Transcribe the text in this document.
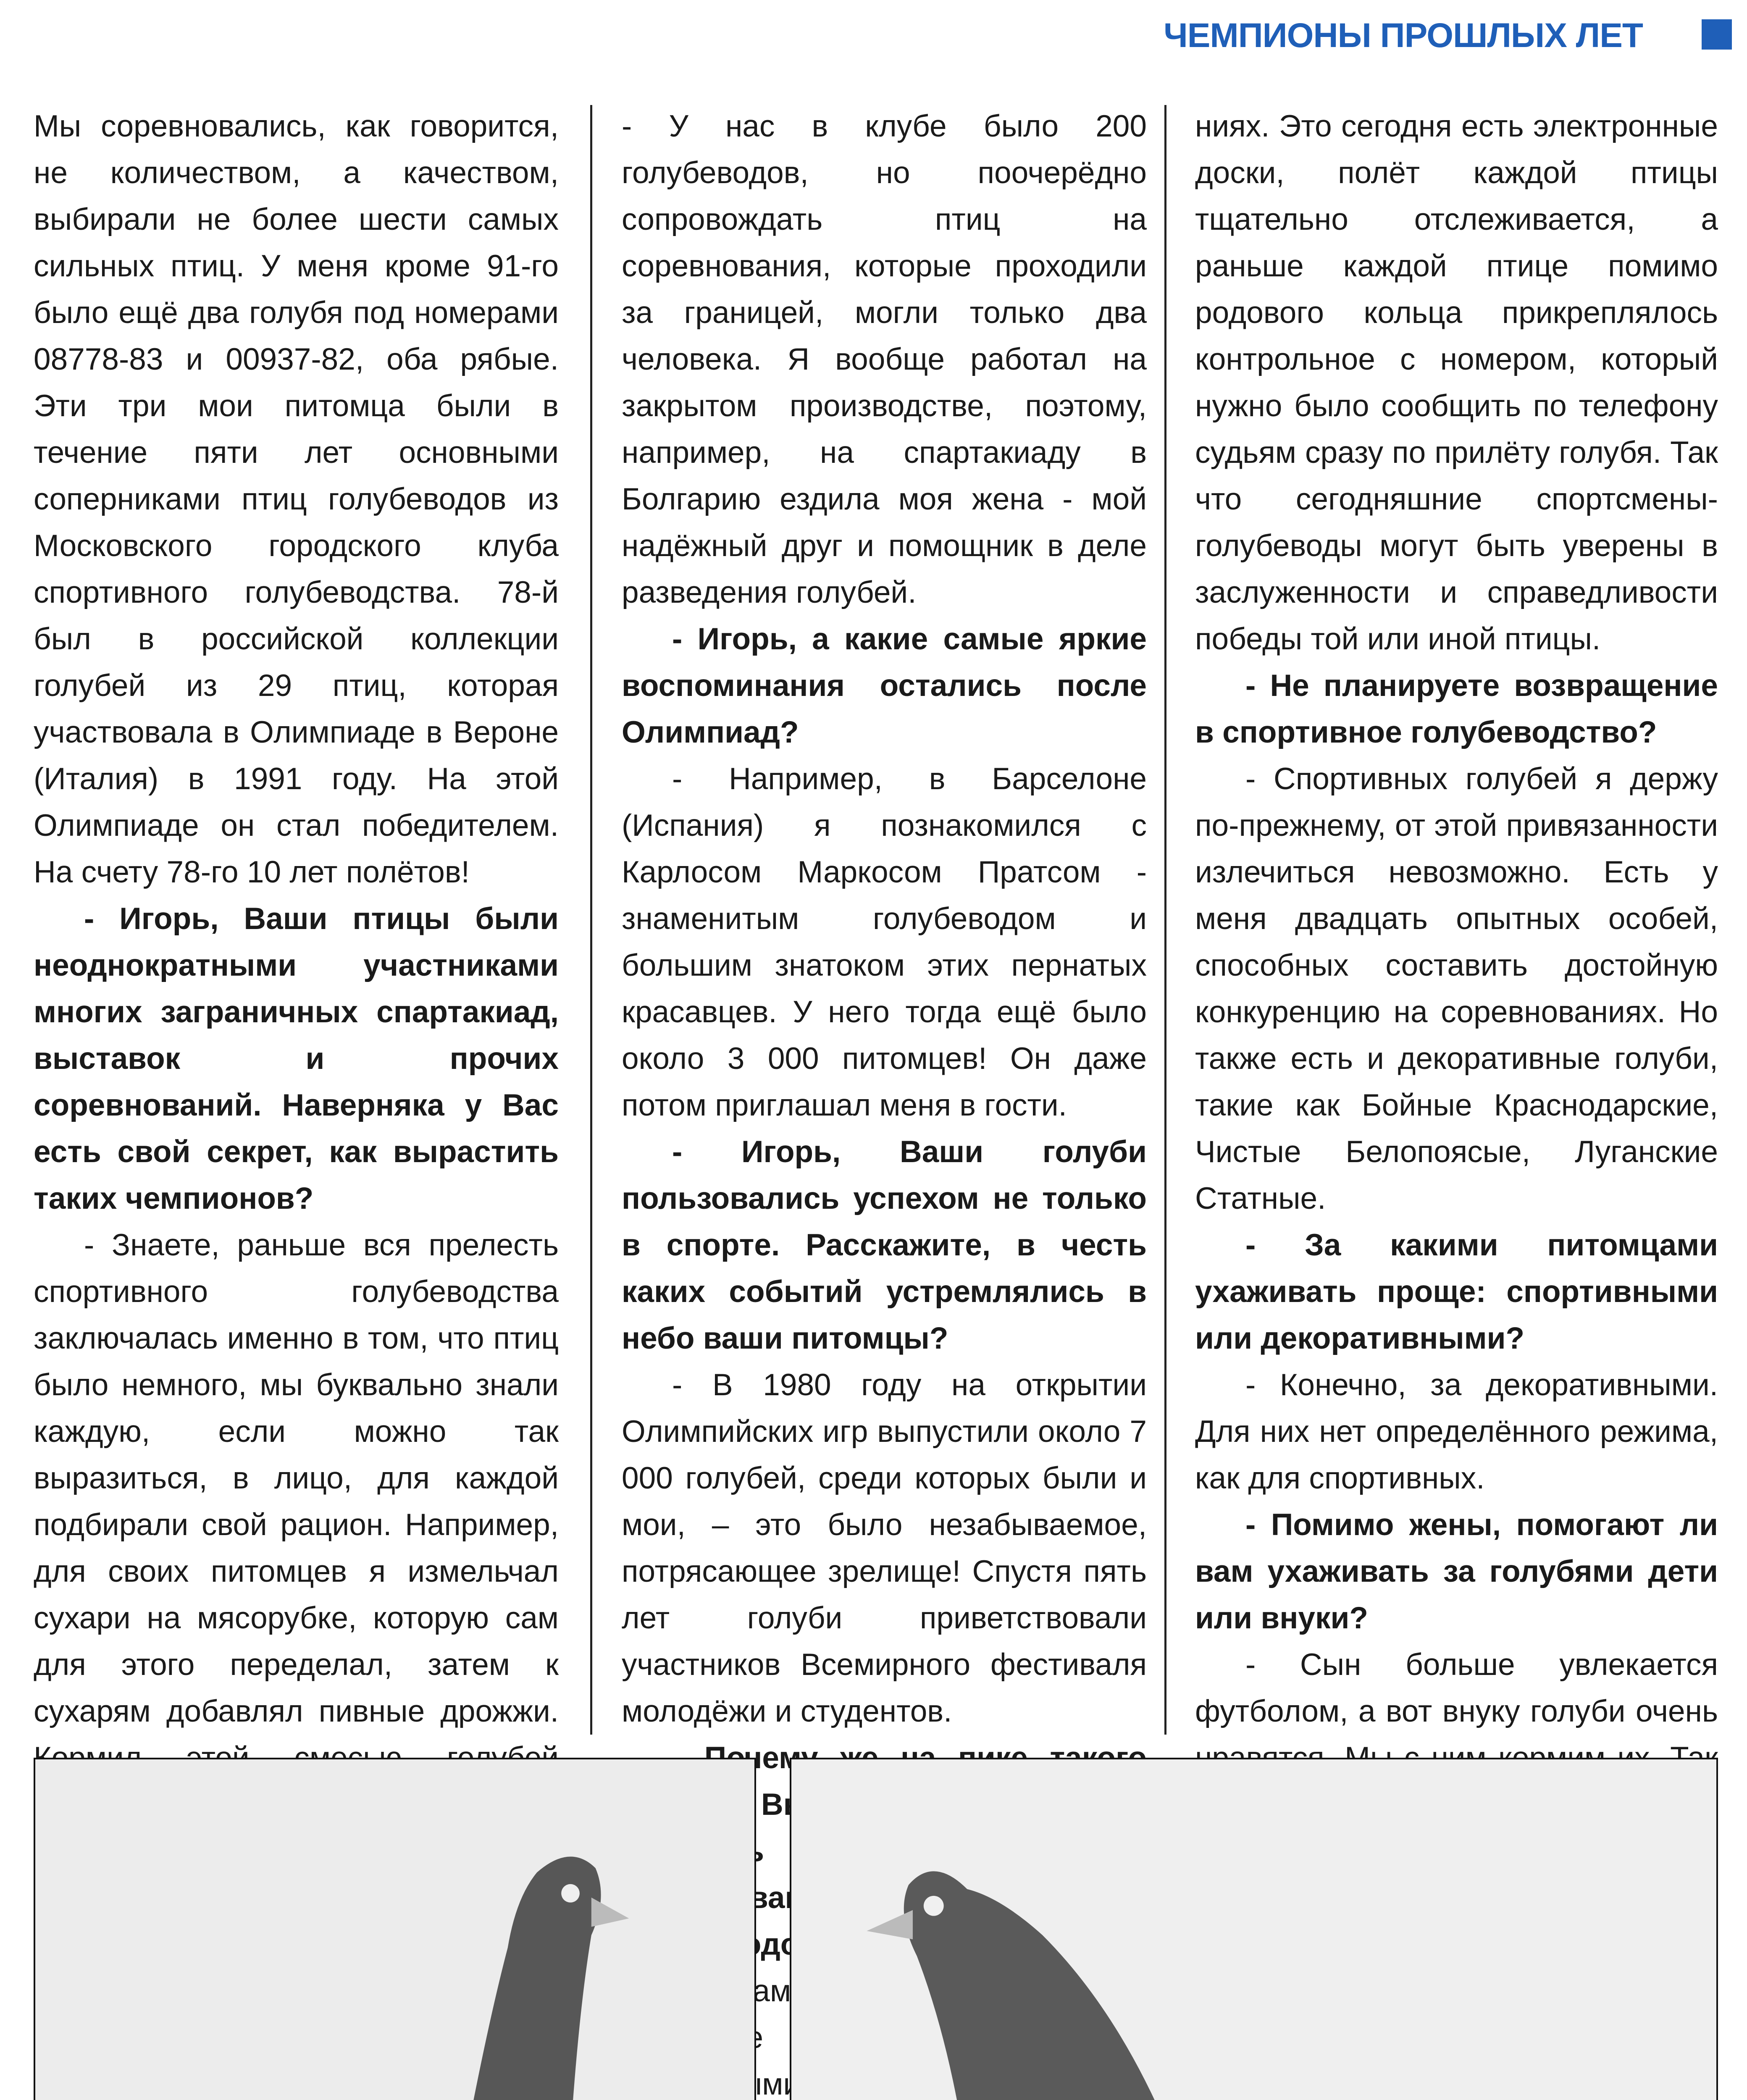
ЧЕМПИОНЫ ПРОШЛЫХ ЛЕТ

Мы соревновались, как говорится, не количеством, а качеством, выбирали не более шести самых сильных птиц. У меня кроме 91-го было ещё два голубя под номерами 08778-83 и 00937-82, оба рябые. Эти три мои питомца были в течение пяти лет основными соперниками птиц голубеводов из Московского городского клуба спортивного голубеводства. 78-й был в российской коллекции голубей из 29 птиц, которая участвовала в Олимпиаде в Вероне (Италия) в 1991 году. На этой Олимпиаде он стал победителем. На счету 78-го 10 лет полётов!

- Игорь, Ваши птицы были неоднократными участниками многих заграничных спартакиад, выставок и прочих соревнований. Наверняка у Вас есть свой секрет, как вырастить таких чемпионов?

- Знаете, раньше вся прелесть спортивного голубеводства заключалась именно в том, что птиц было немного, мы буквально знали каждую, если можно так выразиться, в лицо, для каждой подбирали свой рацион. Например, для своих питомцев я измельчал сухари на мясорубке, которую сам для этого переделал, затем к сухарям добавлял пивные дрожжи.

- У нас в клубе было 200 голубеводов, но поочерёдно сопровождать птиц на соревнования, которые проходили за границей, могли только два человека. Я вообще работал на закрытом производстве, поэтому, например, на спартакиаду в Болгарию ездила моя жена - мой надёжный друг и помощник в деле разведения голубей.

- Игорь, а какие самые яркие воспоминания остались после Олимпиад?

- Например, в Барселоне (Испания) я познакомился с Карлосом Маркосом Пратсом - знаменитым голубеводом и большим знатоком этих пернатых красавцев. У него тогда ещё было около 3 000 питомцев! Он даже потом приглашал меня в гости.

- Игорь, Ваши голуби пользовались успехом не только в спорте. Расскажите, в честь каких событий устремлялись в небо ваши питомцы?

- В 1980 году на открытии Олимпийских игр выпустили около 7 000 голубей, среди которых были и мои, – это было незабываемое, потрясающее зрелище! Спустя пять лет голуби приветствовали участников Всемирного фестиваля молодёжи и студентов.

Почему Вы

Вам

ниях. Это сегодня есть электронные доски, полёт каждой птицы тщательно отслеживается, а раньше каждой птице помимо родового кольца прикреплялось контрольное с номером, который нужно было сообщить по телефону судьям сразу по прилёту голубя. Так что сегодняшние спортсмены- голубеводы могут быть уверены в заслуженности и справедливости победы той или иной птицы.

- Не планируете возвращение в спортивное голубеводство?

- Спортивных голубей я держу по-прежнему, от этой привязанности излечиться невозможно. Есть у меня двадцать опытных особей, способных составить достойную конкуренцию на соревнованиях. Но также есть и декоративные голуби, такие как Бойные Краснодарские, Чистые Белопоясые, Луганские Статные.

- За какими питомцами ухаживать проще: спортивными или декоративными?

- Конечно, за декоративными. Для них нет определённого режима, как для спортивных.

- Помимо жены, помогают ли вам ухаживать за голубями дети или внуки?

- Сын больше увлекается футболом, а вот внуку голуби очень
